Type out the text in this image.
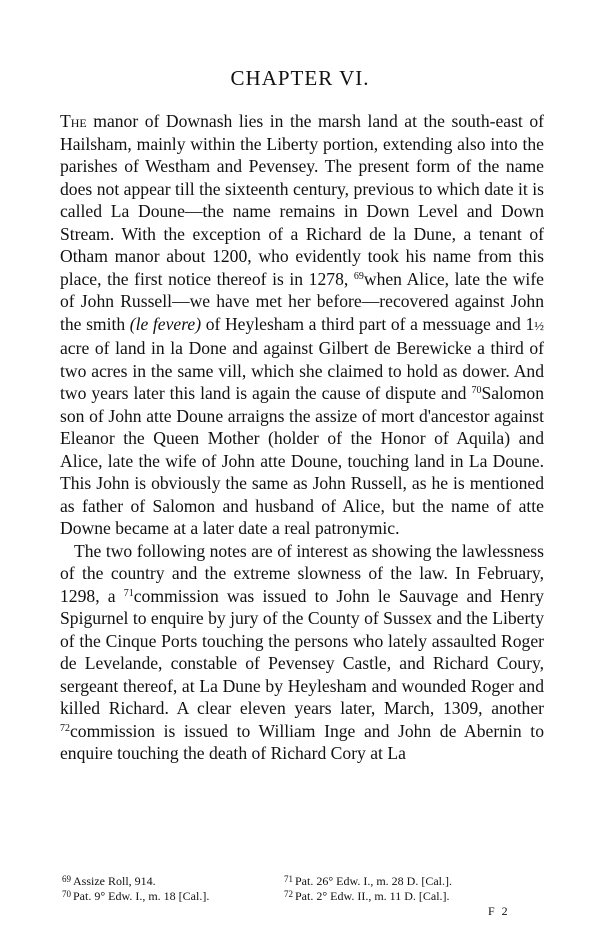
CHAPTER VI.

The manor of Downash lies in the marsh land at the south-east of Hailsham, mainly within the Liberty portion, extending also into the parishes of Westham and Pevensey. The present form of the name does not appear till the sixteenth century, previous to which date it is called La Doune—the name remains in Down Level and Down Stream. With the exception of a Richard de la Dune, a tenant of Otham manor about 1200, who evidently took his name from this place, the first notice thereof is in 1278, $^{69}$when Alice, late the wife of John Russell—we have met her before—recovered against John the smith (le fevere) of Heylesham a third part of a messuage and 1½ acre of land in la Done and against Gilbert de Berewicke a third of two acres in the same vill, which she claimed to hold as dower. And two years later this land is again the cause of dispute and $^{70}$Salomon son of John atte Doune arraigns the assize of mort d'ancestor against Eleanor the Queen Mother (holder of the Honor of Aquila) and Alice, late the wife of John atte Doune, touching land in La Doune. This John is obviously the same as John Russell, as he is mentioned as father of Salomon and husband of Alice, but the name of atte Downe became at a later date a real patronymic.

The two following notes are of interest as showing the lawlessness of the country and the extreme slowness of the law. In February, 1298, a $^{71}$commission was issued to John le Sauvage and Henry Spigurnel to enquire by jury of the County of Sussex and the Liberty of the Cinque Ports touching the persons who lately assaulted Roger de Levelande, constable of Pevensey Castle, and Richard Coury, sergeant thereof, at La Dune by Heylesham and wounded Roger and killed Richard. A clear eleven years later, March, 1309, another $^{72}$commission is issued to William Inge and John de Abernin to enquire touching the death of Richard Cory at La

$^{69}$ Assize Roll, 914.
$^{70}$ Pat. 9° Edw. I., m. 18 [Cal.].
$^{71}$ Pat. 26° Edw. I., m. 28 D. [Cal.].
$^{72}$ Pat. 2° Edw. II., m. 11 D. [Cal.].
F 2
